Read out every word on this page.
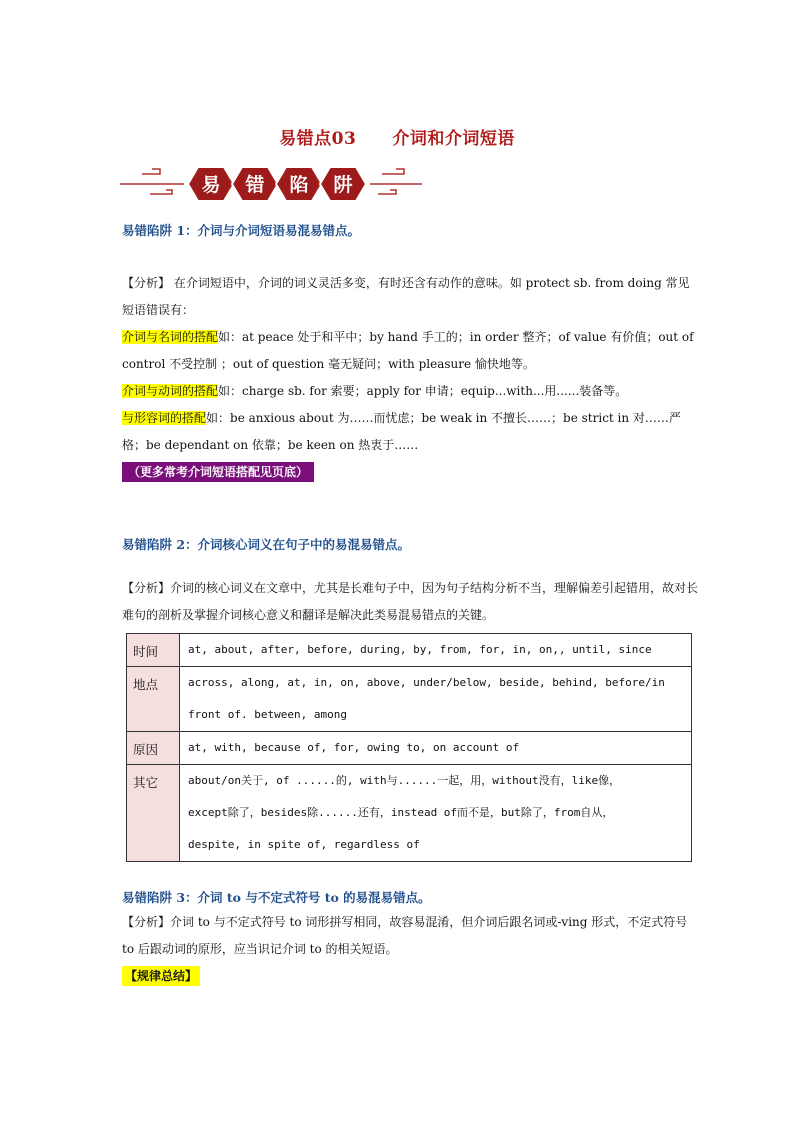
易错点03 介词和介词短语
易 错 陷 阱
易错陷阱 1：介词与介词短语易混易错点。

【分析】 在介词短语中，介词的词义灵活多变，有时还含有动作的意味。如 protect sb. from doing 常见短语错误有：

介词与名词的搭配如：at peace 处于和平中；by hand 手工的；in order 整齐；of value 有价值；out of control 不受控制 ；out of question 毫无疑问；with pleasure 愉快地等。

介词与动词的搭配如：charge sb. for 索要；apply for 申请；equip...with...用......装备等。

与形容词的搭配如：be anxious about 为……而忧虑；be weak in 不擅长……；be strict in 对……严格；be dependant on 依靠；be keen on 热衷于……

（更多常考介词短语搭配见页底）

易错陷阱 2：介词核心词义在句子中的易混易错点。

【分析】介词的核心词义在文章中，尤其是长难句子中，因为句子结构分析不当，理解偏差引起错用，故对长难句的剖析及掌握介词核心意义和翻译是解决此类易混易错点的关键。

时间	at, about, after, before, during, by, from, for, in, on,, until, since

地点	across, along, at, in, on, above, under/below, beside, behind, before/in
front of. between, among

原因	at, with, because of, for, owing to, on account of

其它	about/on关于, of ......的, with与......一起，用，without没有，like像，
except除了，besides除......还有，instead of而不是，but除了，from自从，
despite, in spite of, regardless of
易错陷阱 3：介词 to 与不定式符号 to 的易混易错点。

【分析】介词 to 与不定式符号 to 词形拼写相同，故容易混淆，但介词后跟名词或-ving 形式，不定式符号 to 后跟动词的原形，应当识记介词 to 的相关短语。

【规律总结】
